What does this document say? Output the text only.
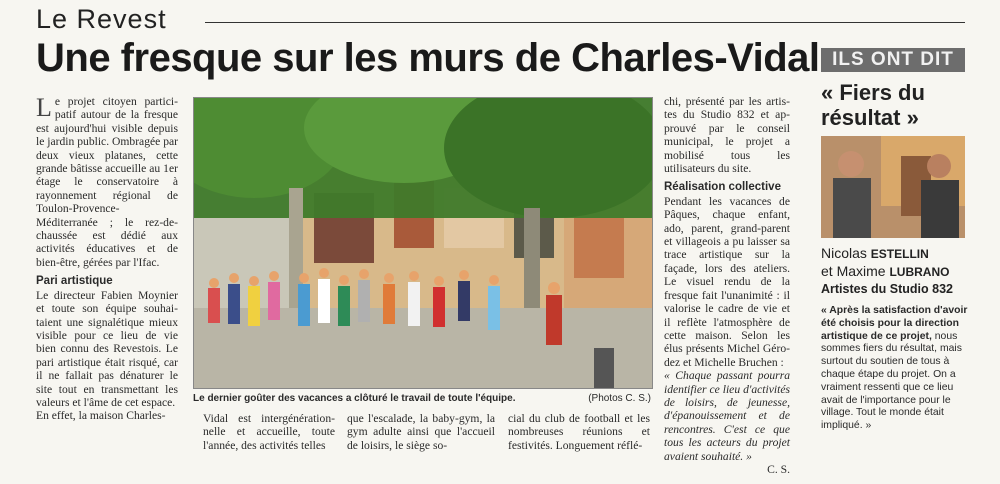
Le Revest
Une fresque sur les murs de Charles-Vidal

Le projet citoyen participatif autour de la fresque est aujourd'hui visible depuis le jardin public. Ombragée par deux vieux platanes, cette grande bâtisse accueille au 1er étage le conservatoire à rayonnement régional de Toulon-Provence-Méditerranée ; le rez-de-chaussée est dédié aux activités éducatives et de bien-être, gérées par l'Ifac.

Pari artistique

Le directeur Fabien Moynier et toute son équipe souhaitaient une signalétique mieux visible pour ce lieu de vie bien connu des Revestois. Le pari artistique était risqué, car il ne fallait pas dénaturer le site tout en transmettant les valeurs et l'âme de cet espace.

En effet, la maison Charles-

Le dernier goûter des vacances a clôturé le travail de toute l'équipe.	(Photos C. S.)

Vidal est intergénérationnelle et accueille, toute l'année, des activités telles

que l'escalade, la baby-gym, la gym adulte ainsi que l'accueil de loisirs, le siège so-

cial du club de football et les nombreuses réunions et festivités. Longuement réflé-

chi, présenté par les artistes du Studio 832 et approuvé par le conseil municipal, le projet a mobilisé tous les utilisateurs du site.

Réalisation collective

Pendant les vacances de Pâques, chaque enfant, ado, parent, grand-parent et villageois a pu laisser sa trace artistique sur la façade, lors des ateliers. Le visuel rendu de la fresque fait l'unanimité : il valorise le cadre de vie et il reflète l'atmosphère de cette maison. Selon les élus présents Michel Gérodez et Michelle Bruchen :

« Chaque passant pourra identifier ce lieu d'activités de loisirs, de jeunesse, d'épanouissement et de rencontres. C'est ce que tous les acteurs du projet avaient souhaité. »

C. S.

ILS ONT DIT
« Fiers du résultat »
Nicolas ESTELLIN
et Maxime LUBRANO
Artistes du Studio 832
« Après la satisfaction d'avoir été choisis pour la direction artistique de ce projet, nous sommes fiers du résultat, mais surtout du soutien de tous à chaque étape du projet. On a vraiment ressenti que ce lieu avait de l'importance pour le village. Tout le monde était impliqué. »
